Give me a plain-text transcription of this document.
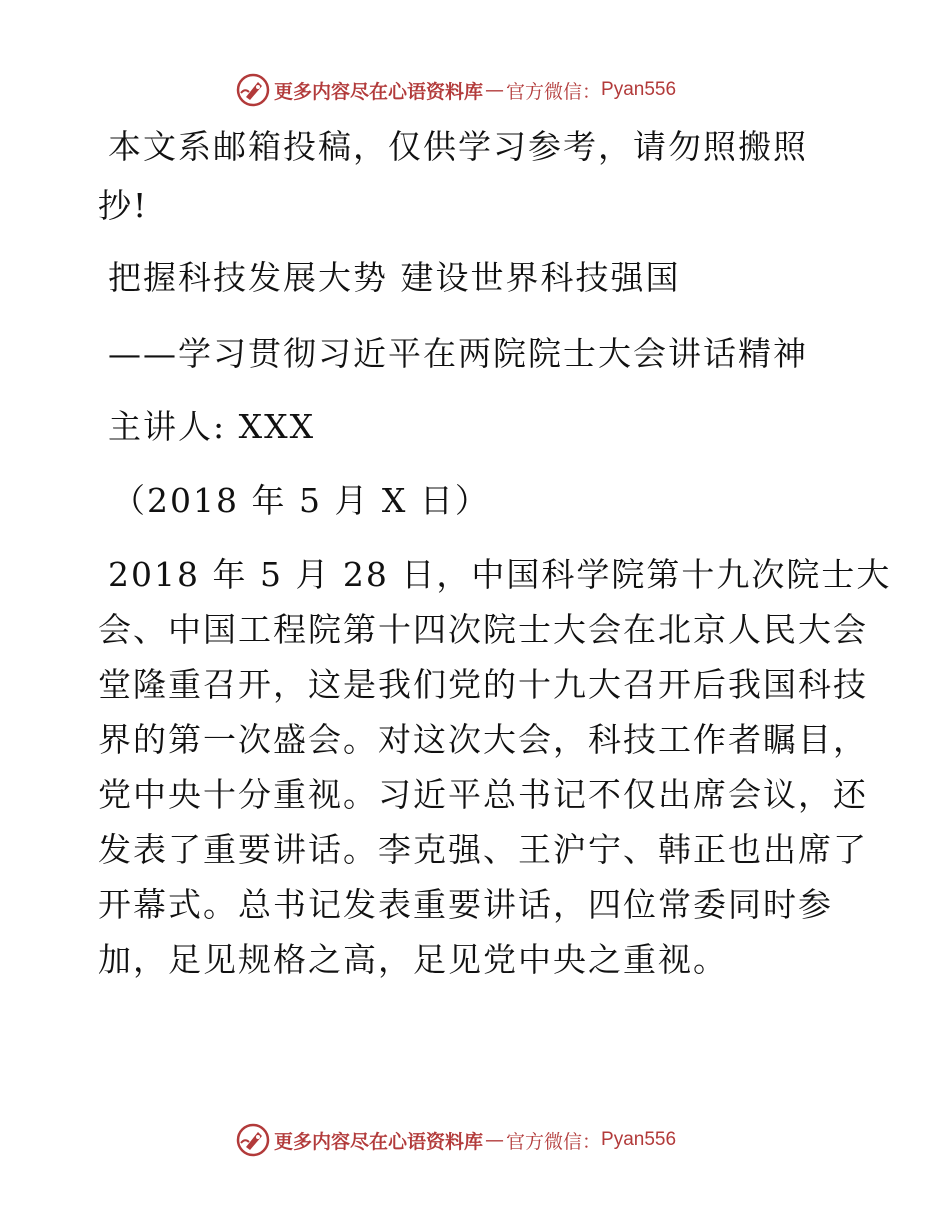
更多内容尽在心语资料库 — 官方微信： Pyan556
本文系邮箱投稿，仅供学习参考，请勿照搬照
抄!
把握科技发展大势 建设世界科技强国
——学习贯彻习近平在两院院士大会讲话精神
主讲人: XXX
（2018 年 5 月 X 日）
2018 年 5 月 28 日，中国科学院第十九次院士大
会、中国工程院第十四次院士大会在北京人民大会
堂隆重召开，这是我们党的十九大召开后我国科技
界的第一次盛会。对这次大会，科技工作者瞩目，
党中央十分重视。习近平总书记不仅出席会议，还
发表了重要讲话。李克强、王沪宁、韩正也出席了
开幕式。总书记发表重要讲话，四位常委同时参
加，足见规格之高，足见党中央之重视。
更多内容尽在心语资料库 — 官方微信： Pyan556
